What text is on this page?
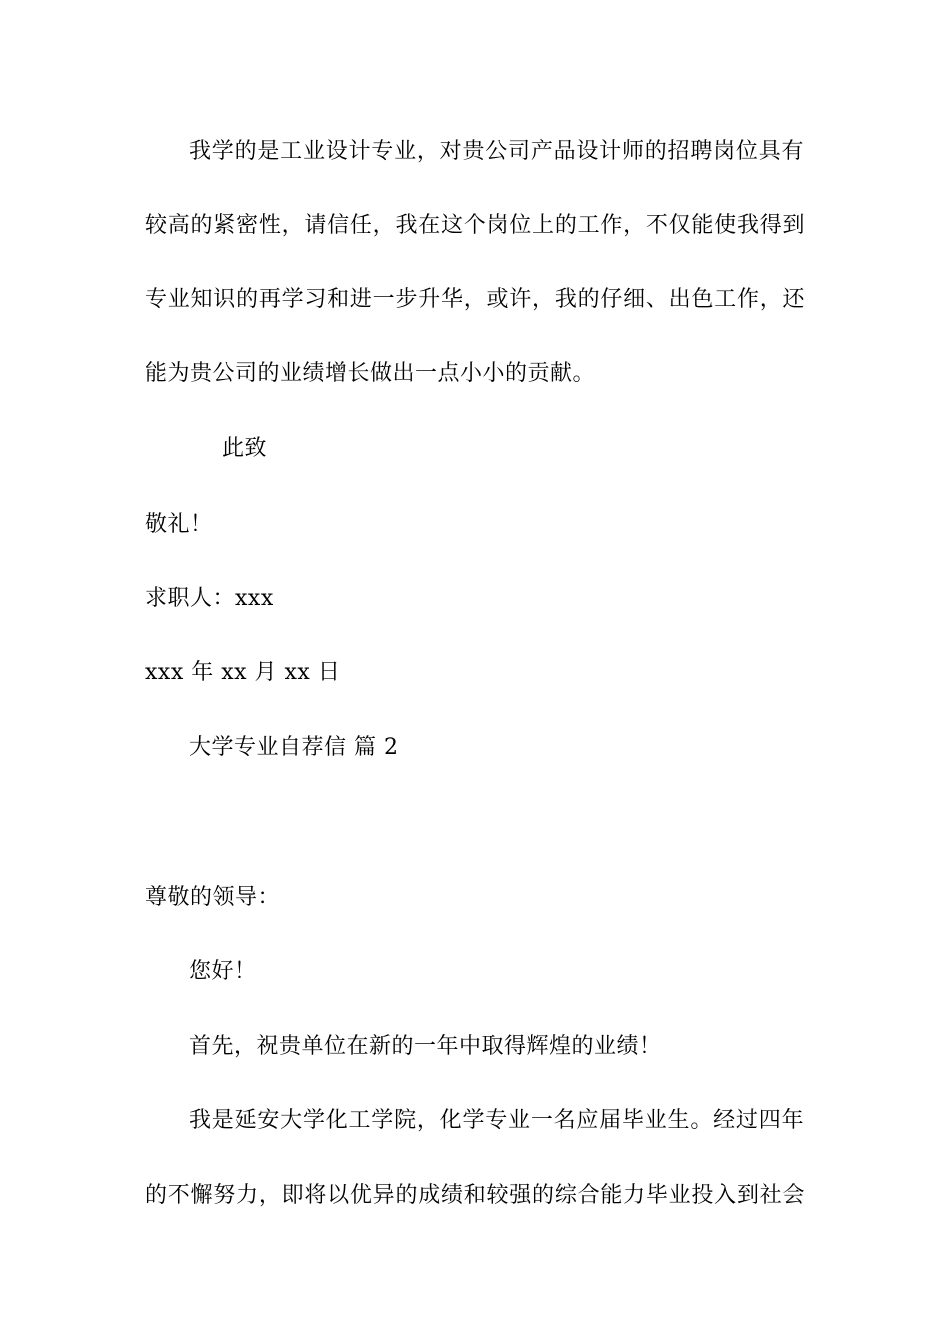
我学的是工业设计专业，对贵公司产品设计师的招聘岗位具有
较高的紧密性，请信任，我在这个岗位上的工作，不仅能使我得到
专业知识的再学习和进一步升华，或许，我的仔细、出色工作，还
能为贵公司的业绩增长做出一点小小的贡献。
此致
敬礼！
求职人：xxx
xxx 年 xx 月 xx 日
大学专业自荐信 篇 2
尊敬的领导：
您好！
首先，祝贵单位在新的一年中取得辉煌的业绩！
我是延安大学化工学院，化学专业一名应届毕业生。经过四年
的不懈努力，即将以优异的成绩和较强的综合能力毕业投入到社会
